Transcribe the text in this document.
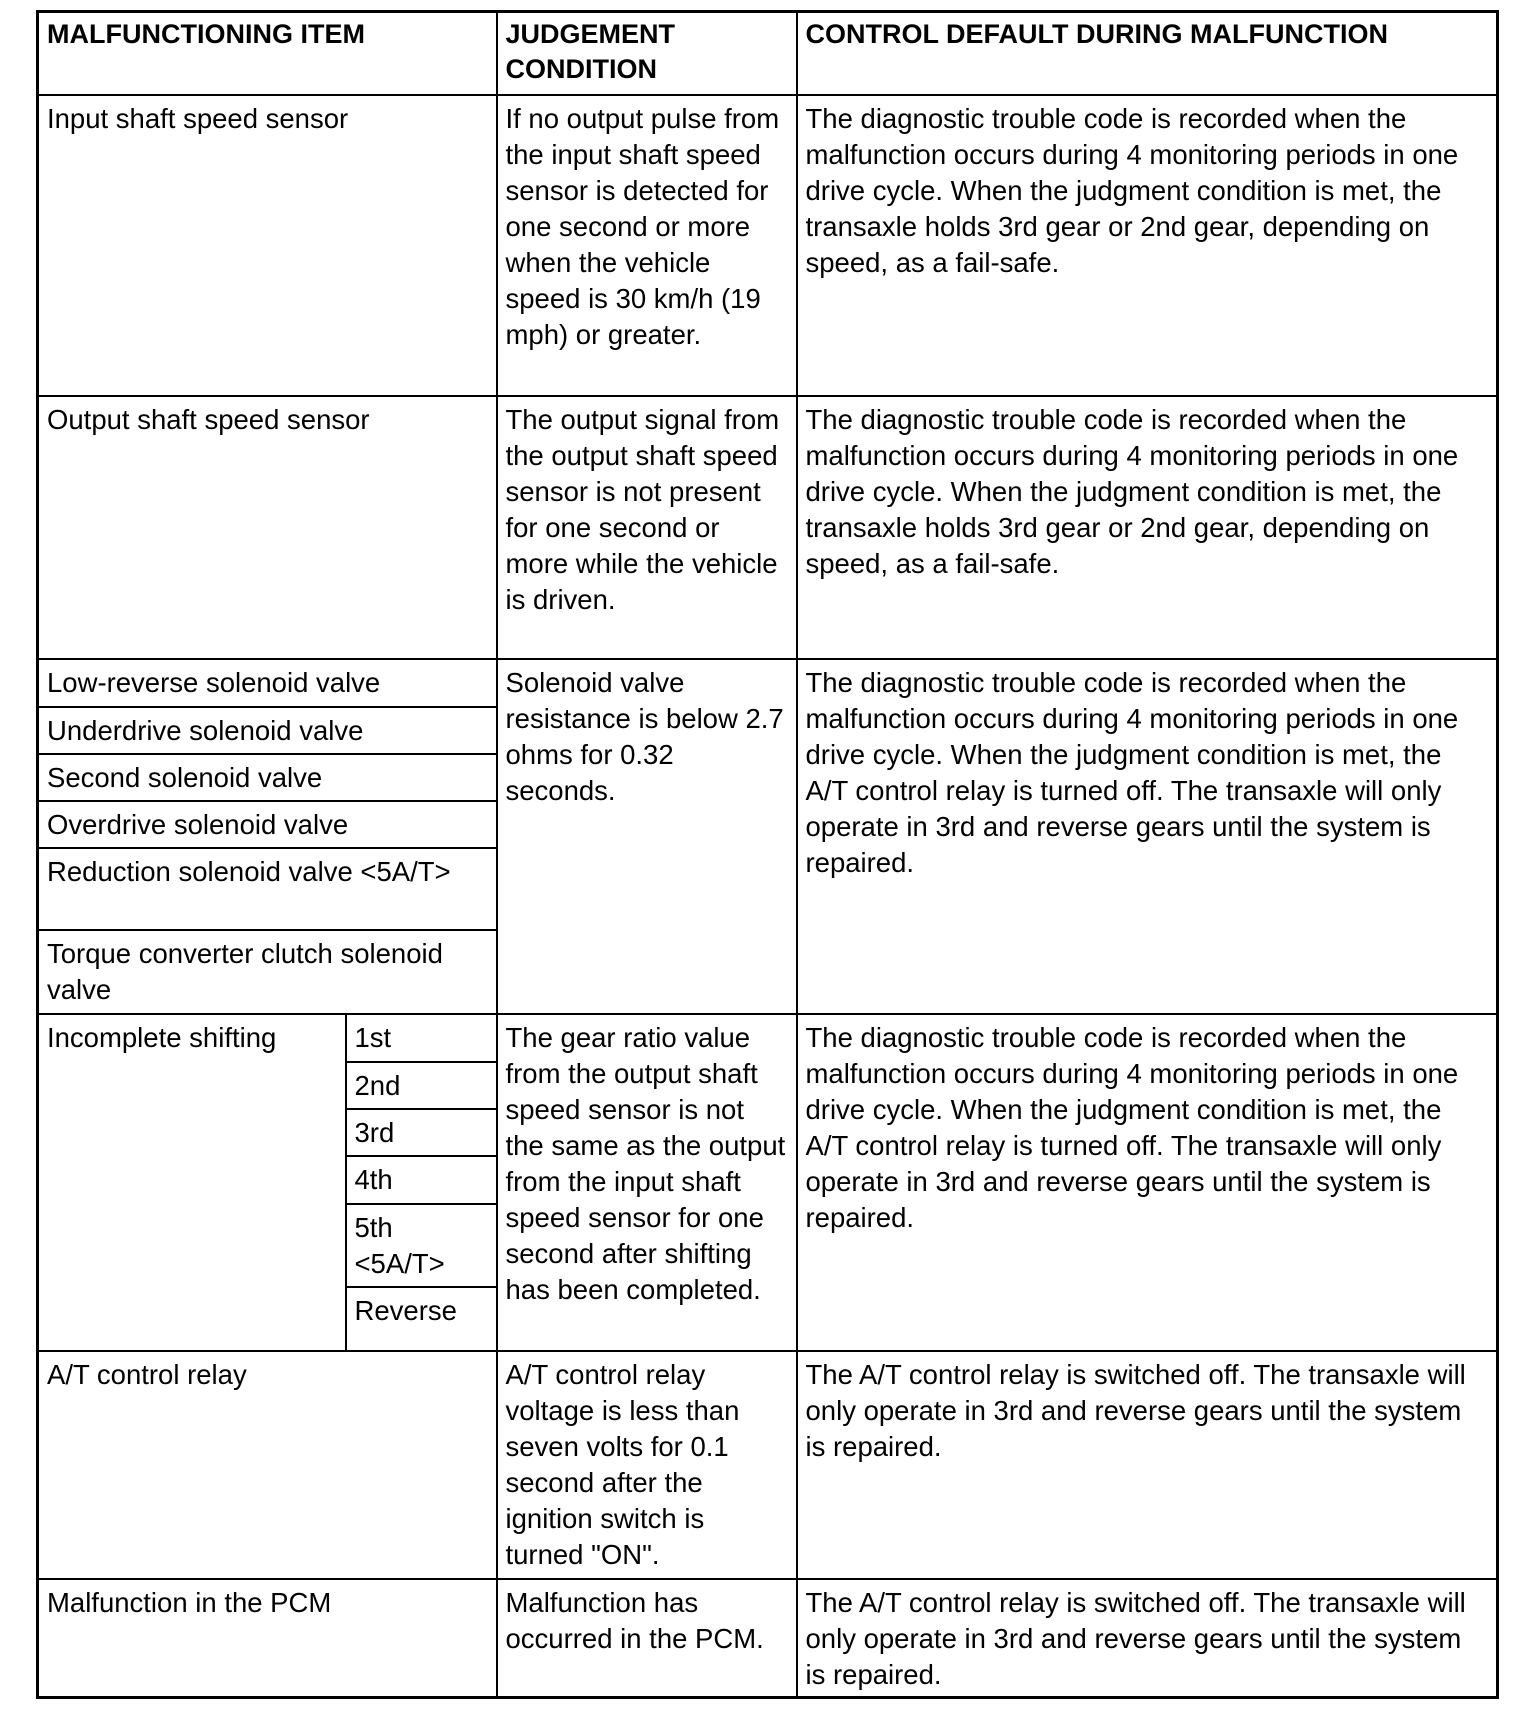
MALFUNCTIONING ITEM		JUDGEMENT CONDITION	CONTROL DEFAULT DURING MALFUNCTION
Input shaft speed sensor		If no output pulse from the input shaft speed sensor is detected for one second or more when the vehicle speed is 30 km/h (19 mph) or greater.	The diagnostic trouble code is recorded when the malfunction occurs during 4 monitoring periods in one drive cycle. When the judgment condition is met, the transaxle holds 3rd gear or 2nd gear, depending on speed, as a fail-safe.
Output shaft speed sensor		The output signal from the output shaft speed sensor is not present for one second or more while the vehicle is driven.	The diagnostic trouble code is recorded when the malfunction occurs during 4 monitoring periods in one drive cycle. When the judgment condition is met, the transaxle holds 3rd gear or 2nd gear, depending on speed, as a fail-safe.
Low-reverse solenoid valve		Solenoid valve resistance is below 2.7 ohms for 0.32 seconds.	The diagnostic trouble code is recorded when the malfunction occurs during 4 monitoring periods in one drive cycle. When the judgment condition is met, the A/T control relay is turned off. The transaxle will only operate in 3rd and reverse gears until the system is repaired.
Underdrive solenoid valve			
Second solenoid valve			
Overdrive solenoid valve			
Reduction solenoid valve <5A/T>			
Torque converter clutch solenoid valve			
Incomplete shifting	1st	The gear ratio value from the output shaft speed sensor is not the same as the output from the input shaft speed sensor for one second after shifting has been completed.	The diagnostic trouble code is recorded when the malfunction occurs during 4 monitoring periods in one drive cycle. When the judgment condition is met, the A/T control relay is turned off. The transaxle will only operate in 3rd and reverse gears until the system is repaired.
	2nd		
	3rd		
	4th		
	5th <5A/T>		
	Reverse		
A/T control relay		A/T control relay voltage is less than seven volts for 0.1 second after the ignition switch is turned "ON".	The A/T control relay is switched off. The transaxle will only operate in 3rd and reverse gears until the system is repaired.
Malfunction in the PCM		Malfunction has occurred in the PCM.	The A/T control relay is switched off. The transaxle will only operate in 3rd and reverse gears until the system is repaired.
